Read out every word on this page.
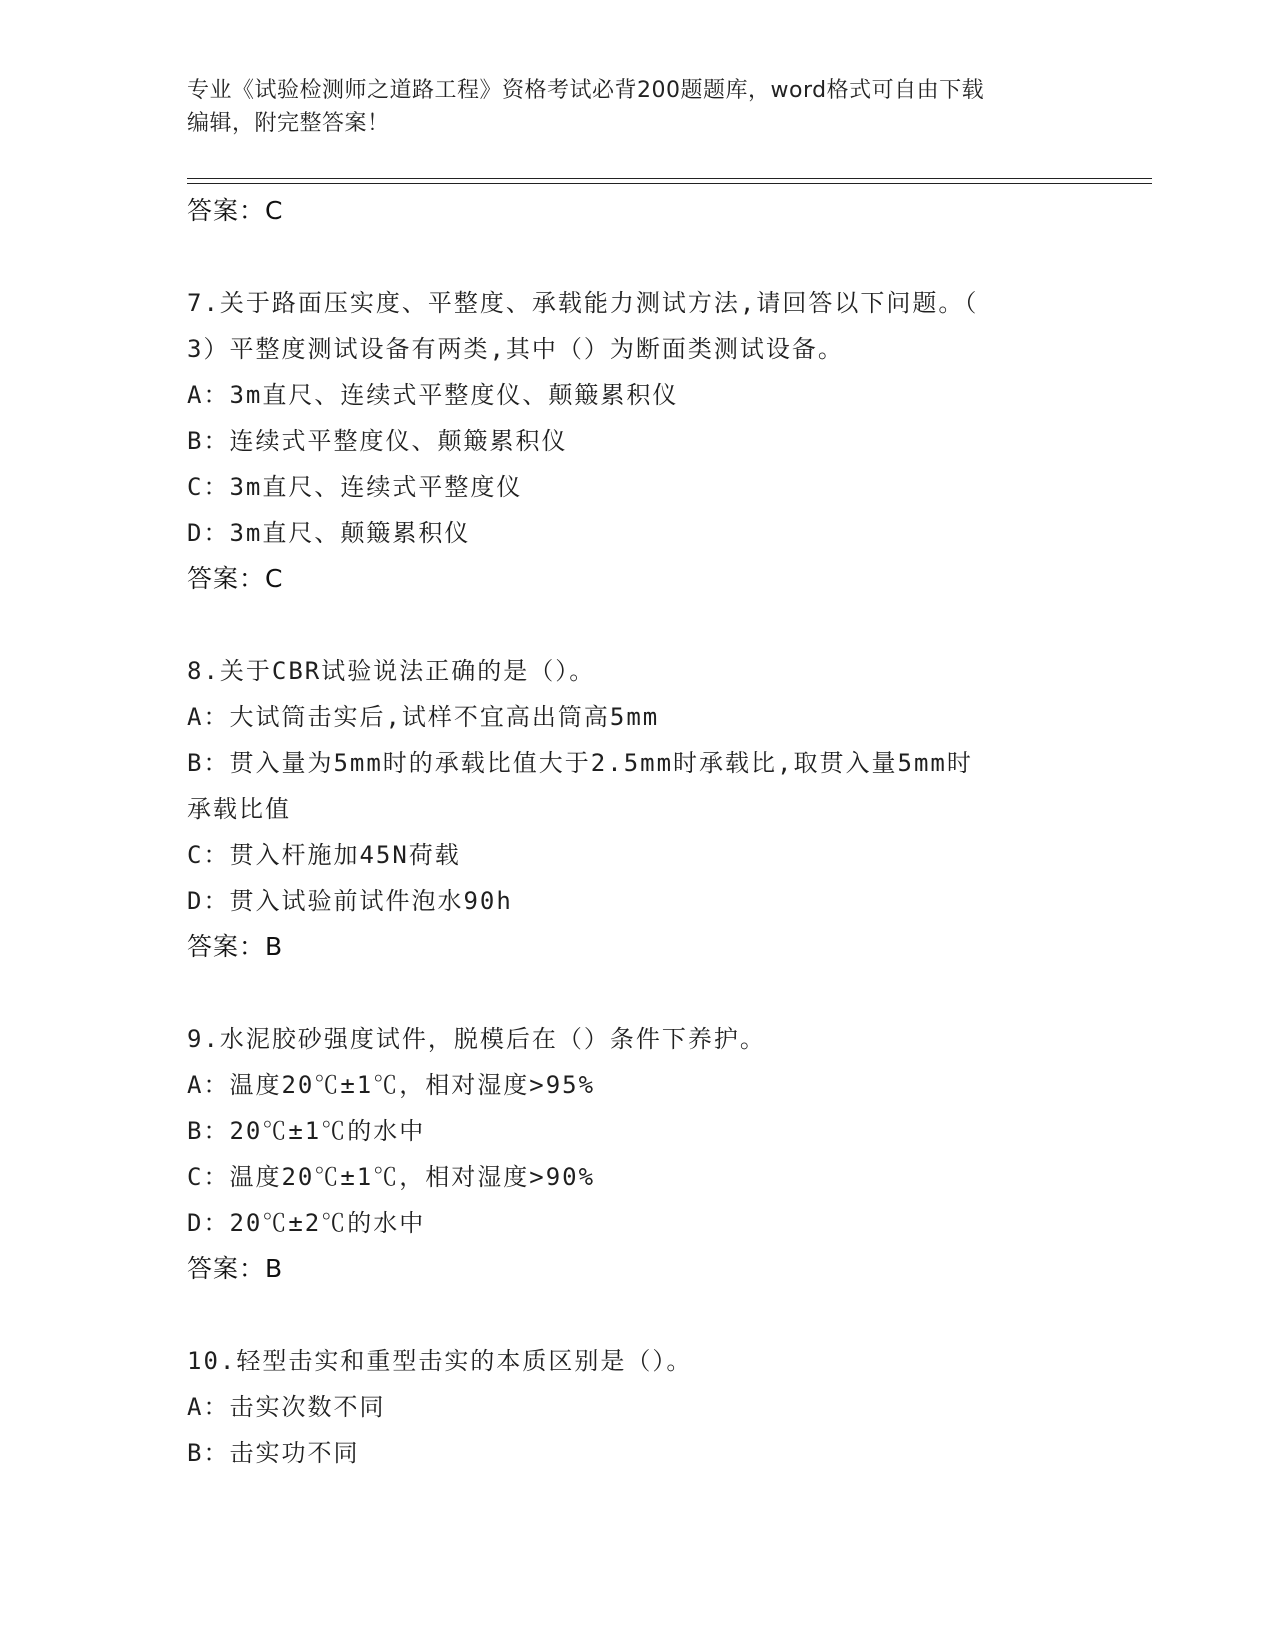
专业《试验检测师之道路工程》资格考试必背200题题库，word格式可自由下载
编辑，附完整答案！
答案：C
7.关于路面压实度、平整度、承载能力测试方法,请回答以下问题。（
3）平整度测试设备有两类,其中（）为断面类测试设备。
A：3m直尺、连续式平整度仪、颠簸累积仪
B：连续式平整度仪、颠簸累积仪
C：3m直尺、连续式平整度仪
D：3m直尺、颠簸累积仪
答案：C
8.关于CBR试验说法正确的是（）。
A：大试筒击实后,试样不宜高出筒高5mm
B：贯入量为5mm时的承载比值大于2.5mm时承载比,取贯入量5mm时
承载比值
C：贯入杆施加45N荷载
D：贯入试验前试件泡水90h
答案：B
9.水泥胶砂强度试件，脱模后在（）条件下养护。
A：温度20℃±1℃，相对湿度>95%
B：20℃±1℃的水中
C：温度20℃±1℃，相对湿度>90%
D：20℃±2℃的水中
答案：B
10.轻型击实和重型击实的本质区别是（）。
A：击实次数不同
B：击实功不同
